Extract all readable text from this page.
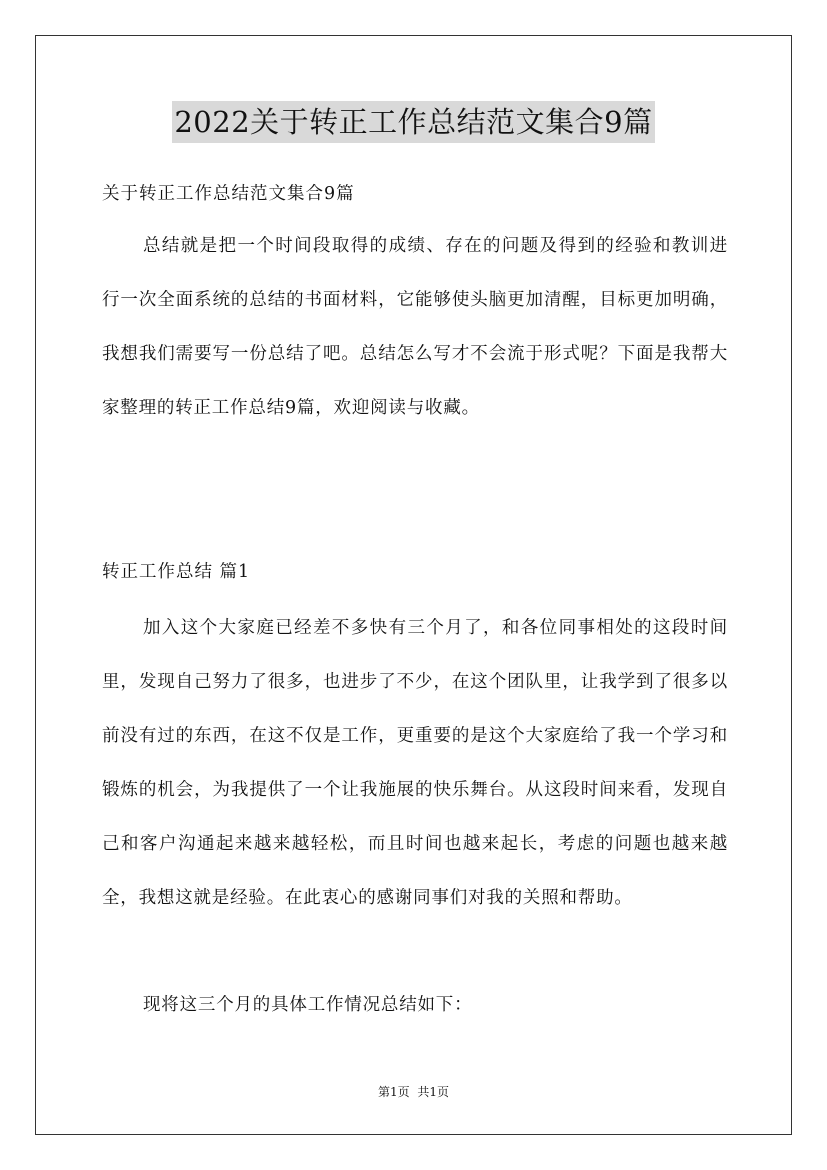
2022关于转正工作总结范文集合9篇
关于转正工作总结范文集合9篇

总结就是把一个时间段取得的成绩、存在的问题及得到的经验和教训进行一次全面系统的总结的书面材料，它能够使头脑更加清醒，目标更加明确，我想我们需要写一份总结了吧。总结怎么写才不会流于形式呢？下面是我帮大家整理的转正工作总结9篇，欢迎阅读与收藏。

转正工作总结 篇1

加入这个大家庭已经差不多快有三个月了，和各位同事相处的这段时间里，发现自己努力了很多，也进步了不少，在这个团队里，让我学到了很多以前没有过的东西，在这不仅是工作，更重要的是这个大家庭给了我一个学习和锻炼的机会，为我提供了一个让我施展的快乐舞台。从这段时间来看，发现自己和客户沟通起来越来越轻松，而且时间也越来起长，考虑的问题也越来越全，我想这就是经验。在此衷心的感谢同事们对我的关照和帮助。

现将这三个月的具体工作情况总结如下：

第1页 共1页
